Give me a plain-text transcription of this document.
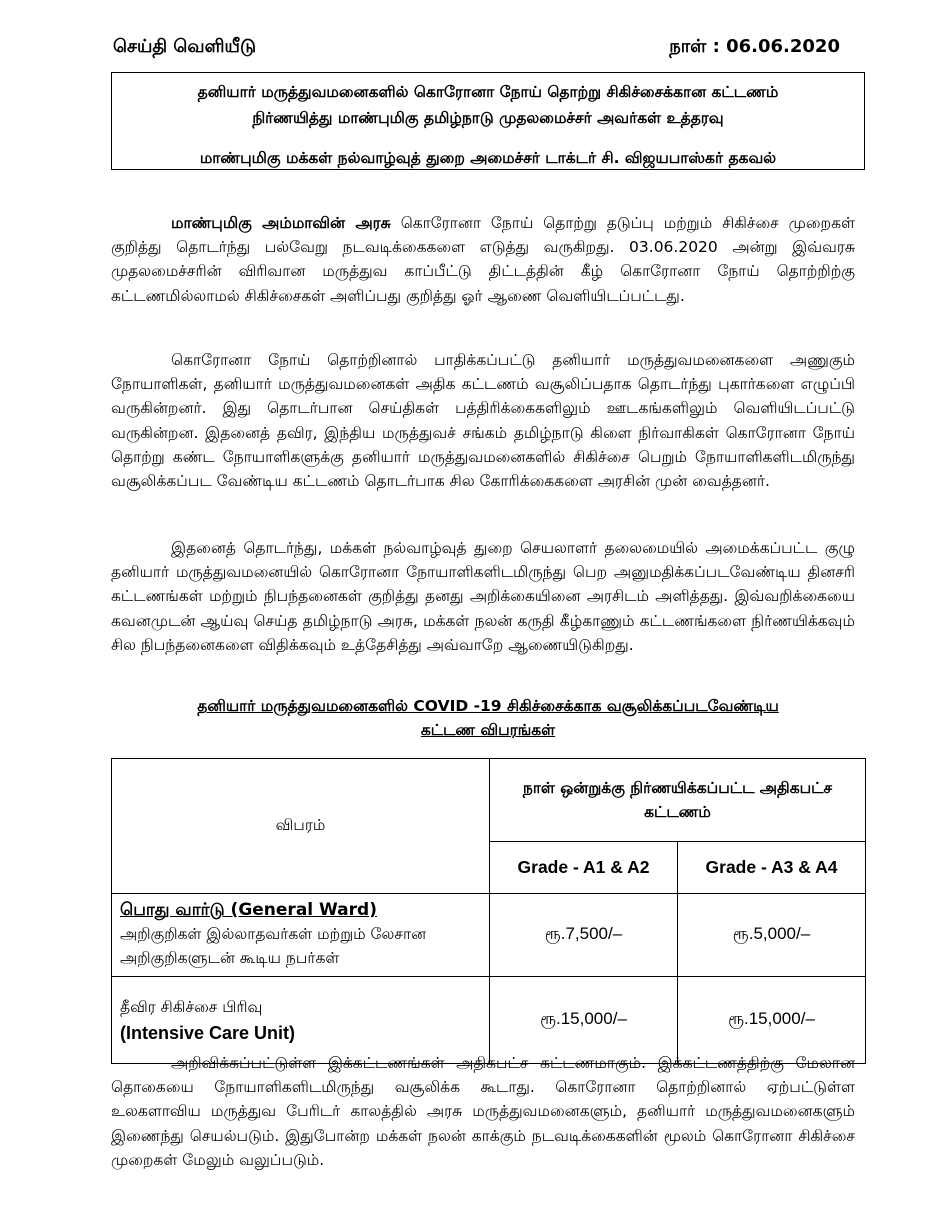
செய்தி வெளியீடு	நாள் : 06.06.2020
தனியார் மருத்துவமனைகளில் கொரோனா நோய் தொற்று சிகிச்சைக்கான கட்டணம்
நிர்ணயித்து மாண்புமிகு தமிழ்நாடு முதலமைச்சர் அவர்கள் உத்தரவு
மாண்புமிகு மக்கள் நல்வாழ்வுத் துறை அமைச்சர் டாக்டர் சி. விஜயபாஸ்கர் தகவல்
மாண்புமிகு அம்மாவின் அரசு கொரோனா நோய் தொற்று தடுப்பு மற்றும் சிகிச்சை முறைகள் குறித்து தொடர்ந்து பல்வேறு நடவடிக்கைகளை எடுத்து வருகிறது. 03.06.2020 அன்று இவ்வரசு முதலமைச்சரின் விரிவான மருத்துவ காப்பீட்டு திட்டத்தின் கீழ் கொரோனா நோய் தொற்றிற்கு கட்டணமில்லாமல் சிகிச்சைகள் அளிப்பது குறித்து ஓர் ஆணை வெளியிடப்பட்டது.
கொரோனா நோய் தொற்றினால் பாதிக்கப்பட்டு தனியார் மருத்துவமனைகளை அணுகும் நோயாளிகள், தனியார் மருத்துவமனைகள் அதிக கட்டணம் வசூலிப்பதாக தொடர்ந்து புகார்களை எழுப்பி வருகின்றனர். இது தொடர்பான செய்திகள் பத்திரிக்கைகளிலும் ஊடகங்களிலும் வெளியிடப்பட்டு வருகின்றன. இதனைத் தவிர, இந்திய மருத்துவச் சங்கம் தமிழ்நாடு கிளை நிர்வாகிகள் கொரோனா நோய் தொற்று கண்ட நோயாளிகளுக்கு தனியார் மருத்துவமனைகளில் சிகிச்சை பெறும் நோயாளிகளிடமிருந்து வசூலிக்கப்பட வேண்டிய கட்டணம் தொடர்பாக சில கோரிக்கைகளை அரசின் முன் வைத்தனர்.
இதனைத் தொடர்ந்து, மக்கள் நல்வாழ்வுத் துறை செயலாளர் தலைமையில் அமைக்கப்பட்ட குழு தனியார் மருத்துவமனையில் கொரோனா நோயாளிகளிடமிருந்து பெற அனுமதிக்கப்படவேண்டிய தினசரி கட்டணங்கள் மற்றும் நிபந்தனைகள் குறித்து தனது அறிக்கையினை அரசிடம் அளித்தது. இவ்வறிக்கையை கவனமுடன் ஆய்வு செய்த தமிழ்நாடு அரசு, மக்கள் நலன் கருதி கீழ்காணும் கட்டணங்களை நிர்ணயிக்கவும் சில நிபந்தனைகளை விதிக்கவும் உத்தேசித்து அவ்வாறே ஆணையிடுகிறது.
தனியார் மருத்துவமனைகளில் COVID -19 சிகிச்சைக்காக வசூலிக்கப்படவேண்டிய
கட்டண விபரங்கள்
விபரம்	நாள் ஒன்றுக்கு நிர்ணயிக்கப்பட்ட அதிகபட்ச
கட்டணம்	

	Grade - A1 & A2	Grade - A3 & A4

பொது வார்டு (General Ward)
அறிகுறிகள் இல்லாதவர்கள் மற்றும் லேசான
அறிகுறிகளுடன் கூடிய நபர்கள்	ரூ.7,500/–	ரூ.5,000/–

தீவிர சிகிச்சை பிரிவு
(Intensive Care Unit)	ரூ.15,000/–	ரூ.15,000/–
அறிவிக்கப்பட்டுள்ள இக்கட்டணங்கள் அதிகபட்ச கட்டணமாகும். இக்கட்டணத்திற்கு மேலான தொகையை நோயாளிகளிடமிருந்து வசூலிக்க கூடாது. கொரோனா தொற்றினால் ஏற்பட்டுள்ள உலகளாவிய மருத்துவ பேரிடர் காலத்தில் அரசு மருத்துவமனைகளும், தனியார் மருத்துவமனைகளும் இணைந்து செயல்படும். இதுபோன்ற மக்கள் நலன் காக்கும் நடவடிக்கைகளின் மூலம் கொரோனா சிகிச்சை முறைகள் மேலும் வலுப்படும்.
